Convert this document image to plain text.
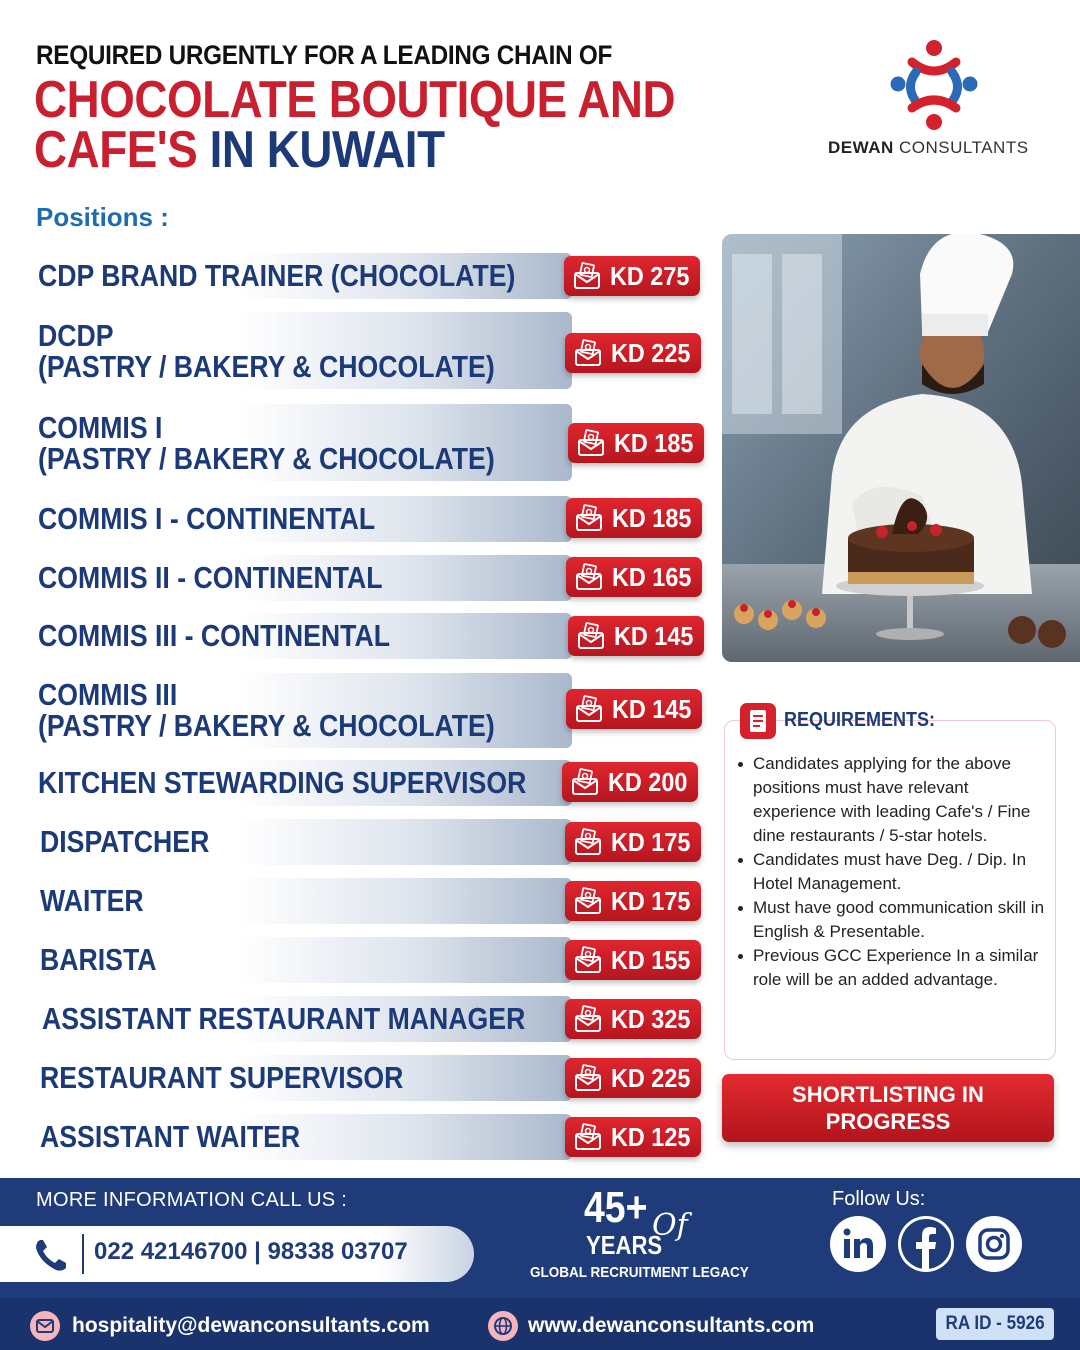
REQUIRED URGENTLY FOR A LEADING CHAIN OF
CHOCOLATE BOUTIQUE AND
CAFE'S IN KUWAIT	DEWAN CONSULTANTS
Positions :
CDP BRAND TRAINER (CHOCOLATE)	KD 275
DCDP
(PASTRY / BAKERY & CHOCOLATE)	KD 225
COMMIS I
(PASTRY / BAKERY & CHOCOLATE)	KD 185
COMMIS I - CONTINENTAL	KD 185
COMMIS II - CONTINENTAL	KD 165
COMMIS III - CONTINENTAL	KD 145
COMMIS III
(PASTRY / BAKERY & CHOCOLATE)	KD 145
KITCHEN STEWARDING SUPERVISOR	KD 200
DISPATCHER	KD 175
WAITER	KD 175
BARISTA	KD 155
ASSISTANT RESTAURANT MANAGER	KD 325
RESTAURANT SUPERVISOR	KD 225
ASSISTANT WAITER	KD 125
REQUIREMENTS:
Candidates applying for the above positions must have relevant experience with leading Cafe's / Fine dine restaurants / 5-star hotels.
Candidates must have Deg. / Dip. In Hotel Management.
Must have good communication skill in English & Presentable.
Previous GCC Experience In a similar role will be an added advantage.
SHORTLISTING IN PROGRESS
MORE INFORMATION CALL US :
022 42146700 | 98338 03707
45+ Of
YEARS
GLOBAL RECRUITMENT LEGACY
Follow Us:
hospitality@dewanconsultants.com	www.dewanconsultants.com	RA ID - 5926
